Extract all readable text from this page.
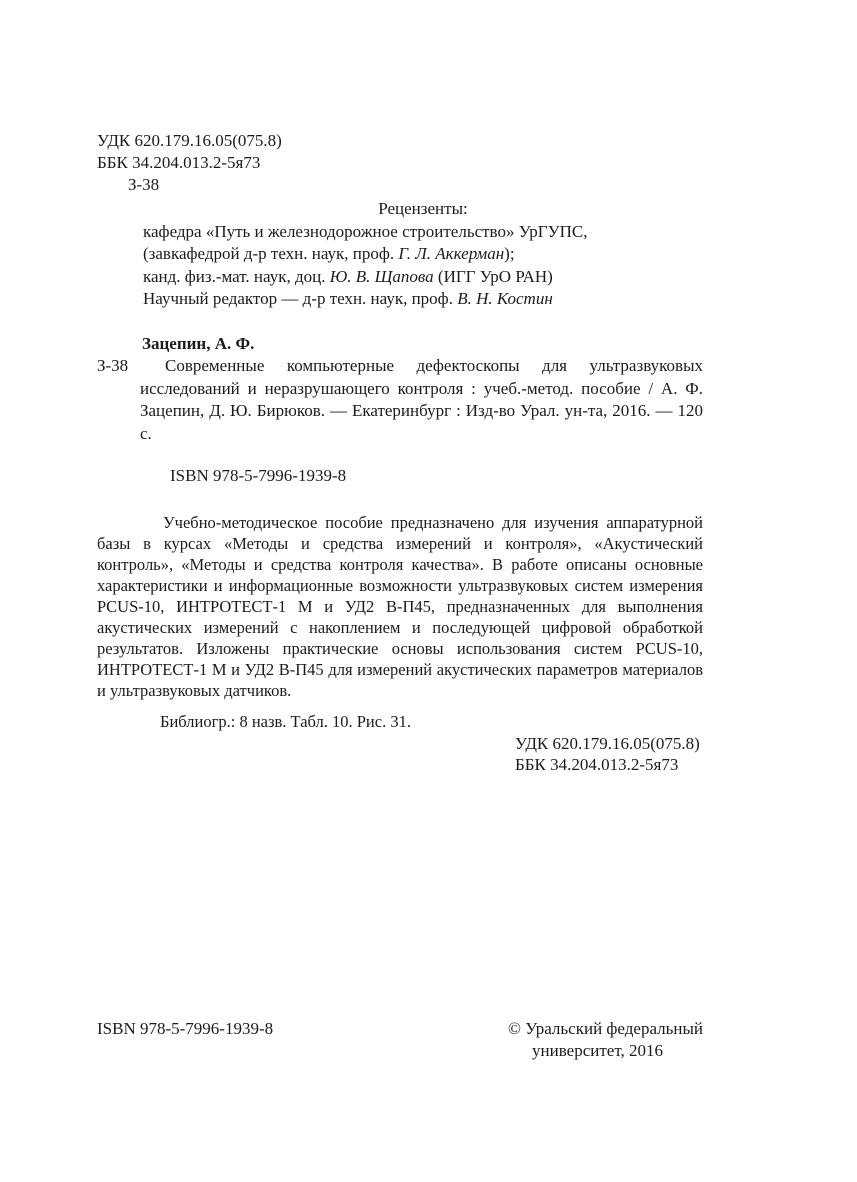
УДК 620.179.16.05(075.8)
ББК 34.204.013.2-5я73
З-38
Рецензенты:
кафедра «Путь и железнодорожное строительство» УрГУПС,
(завкафедрой д-р техн. наук, проф. Г. Л. Аккерман);
канд. физ.-мат. наук, доц. Ю. В. Щапова (ИГГ УрО РАН)
Научный редактор — д-р техн. наук, проф. В. Н. Костин
Зацепин, А. Ф.

З-38 Современные компьютерные дефектоскопы для ультразвуковых исследований и неразрушающего контроля : учеб.-метод. пособие / А. Ф. Зацепин, Д. Ю. Бирюков. — Екатеринбург : Изд-во Урал. ун-та, 2016. — 120 с.

ISBN 978-5-7996-1939-8

Учебно-методическое пособие предназначено для изучения аппаратурной базы в курсах «Методы и средства измерений и контроля», «Акустический контроль», «Методы и средства контроля качества». В работе описаны основные характеристики и информационные возможности ультразвуковых систем измерения PCUS-10, ИНТРОТЕСТ-1 М и УД2 В-П45, предназначенных для выполнения акустических измерений с накоплением и последующей цифровой обработкой результатов. Изложены практические основы использования систем PCUS-10, ИНТРОТЕСТ-1 М и УД2 В-П45 для измерений акустических параметров материалов и ультразвуковых датчиков.

Библиогр.: 8 назв. Табл. 10. Рис. 31.
УДК 620.179.16.05(075.8)
ББК 34.204.013.2-5я73
ISBN 978-5-7996-1939-8	© Уральский федеральный
университет, 2016
